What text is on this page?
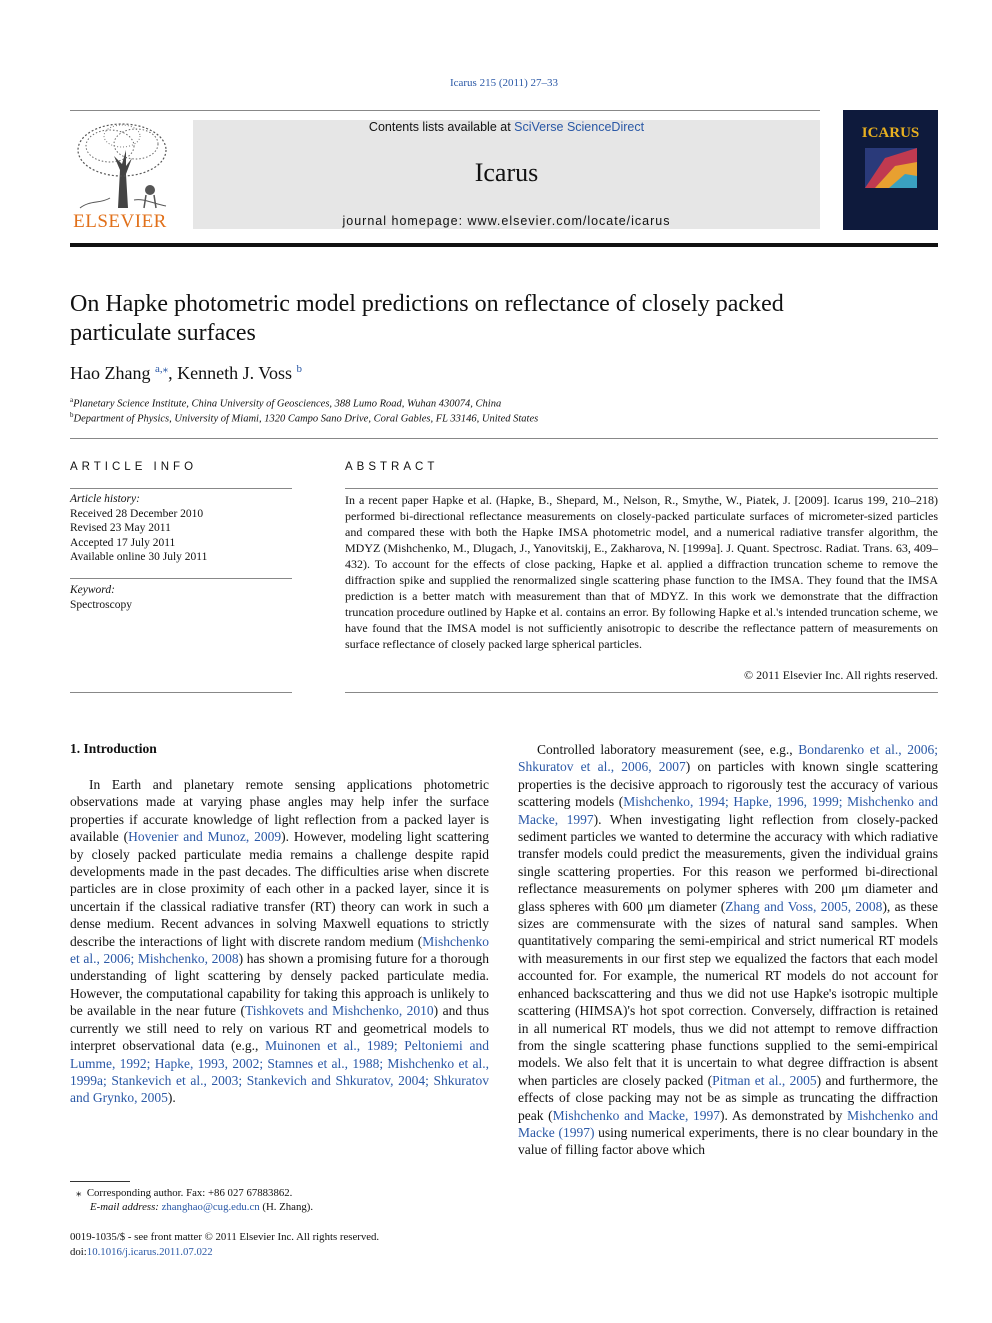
Icarus 215 (2011) 27–33
ELSEVIER
Contents lists available at SciVerse ScienceDirect
Icarus
journal homepage: www.elsevier.com/locate/icarus
ICARUS
On Hapke photometric model predictions on reflectance of closely packed
particulate surfaces
Hao Zhang $^{a,⁎}$, Kenneth J. Voss $^b$
$^a$Planetary Science Institute, China University of Geosciences, 388 Lumo Road, Wuhan 430074, China
$^b$Department of Physics, University of Miami, 1320 Campo Sano Drive, Coral Gables, FL 33146, United States
ARTICLE INFO
Article history:
Received 28 December 2010
Revised 23 May 2011
Accepted 17 July 2011
Available online 30 July 2011
Keyword:
Spectroscopy
ABSTRACT
In a recent paper Hapke et al. (Hapke, B., Shepard, M., Nelson, R., Smythe, W., Piatek, J. [2009]. Icarus 199, 210–218) performed bi-directional reflectance measurements on closely-packed particulate surfaces of micrometer-sized particles and compared these with both the Hapke IMSA photometric model, and a numerical radiative transfer algorithm, the MDYZ (Mishchenko, M., Dlugach, J., Yanovitskij, E., Zakharova, N. [1999a]. J. Quant. Spectrosc. Radiat. Trans. 63, 409–432). To account for the effects of close packing, Hapke et al. applied a diffraction truncation scheme to remove the diffraction spike and supplied the renormalized single scattering phase function to the IMSA. They found that the IMSA prediction is a better match with measurement than that of MDYZ. In this work we demonstrate that the diffraction truncation procedure outlined by Hapke et al. contains an error. By following Hapke et al.'s intended truncation scheme, we have found that the IMSA model is not sufficiently anisotropic to describe the reflectance pattern of measurements on surface reflectance of closely packed large spherical particles.
© 2011 Elsevier Inc. All rights reserved.
1. Introduction

In Earth and planetary remote sensing applications photometric observations made at varying phase angles may help infer the surface properties if accurate knowledge of light reflection from a packed layer is available (Hovenier and Munoz, 2009). However, modeling light scattering by closely packed particulate media remains a challenge despite rapid developments made in the past decades. The difficulties arise when discrete particles are in close proximity of each other in a packed layer, since it is uncertain if the classical radiative transfer (RT) theory can work in such a dense medium. Recent advances in solving Maxwell equations to strictly describe the interactions of light with discrete random medium (Mishchenko et al., 2006; Mishchenko, 2008) has shown a promising future for a thorough understanding of light scattering by densely packed particulate media. However, the computational capability for taking this approach is unlikely to be available in the near future (Tishkovets and Mishchenko, 2010) and thus currently we still need to rely on various RT and geometrical models to interpret observational data (e.g., Muinonen et al., 1989; Peltoniemi and Lumme, 1992; Hapke, 1993, 2002; Stamnes et al., 1988; Mishchenko et al., 1999a; Stankevich et al., 2003; Stankevich and Shkuratov, 2004; Shkuratov and Grynko, 2005).

Controlled laboratory measurement (see, e.g., Bondarenko et al., 2006; Shkuratov et al., 2006, 2007) on particles with known single scattering properties is the decisive approach to rigorously test the accuracy of various scattering models (Mishchenko, 1994; Hapke, 1996, 1999; Mishchenko and Macke, 1997). When investigating light reflection from closely-packed sediment particles we wanted to determine the accuracy with which radiative transfer models could predict the measurements, given the individual grains single scattering properties. For this reason we performed bi-directional reflectance measurements on polymer spheres with 200 μm diameter and glass spheres with 600 μm diameter (Zhang and Voss, 2005, 2008), as these sizes are commensurate with the sizes of natural sand samples. When quantitatively comparing the semi-empirical and strict numerical RT models with measurements in our first step we equalized the factors that each model accounted for. For example, the numerical RT models do not account for enhanced backscattering and thus we did not use Hapke's isotropic multiple scattering (HIMSA)'s hot spot correction. Conversely, diffraction is retained in all numerical RT models, thus we did not attempt to remove diffraction from the single scattering phase functions supplied to the semi-empirical models. We also felt that it is uncertain to what degree diffraction is absent when particles are closely packed (Pitman et al., 2005) and furthermore, the effects of close packing may not be as simple as truncating the diffraction peak (Mishchenko and Macke, 1997). As demonstrated by Mishchenko and Macke (1997) using numerical experiments, there is no clear boundary in the value of filling factor above which

⁎ Corresponding author. Fax: +86 027 67883862.
E-mail address: zhanghao@cug.edu.cn (H. Zhang).
0019-1035/$ - see front matter © 2011 Elsevier Inc. All rights reserved.
doi:10.1016/j.icarus.2011.07.022
